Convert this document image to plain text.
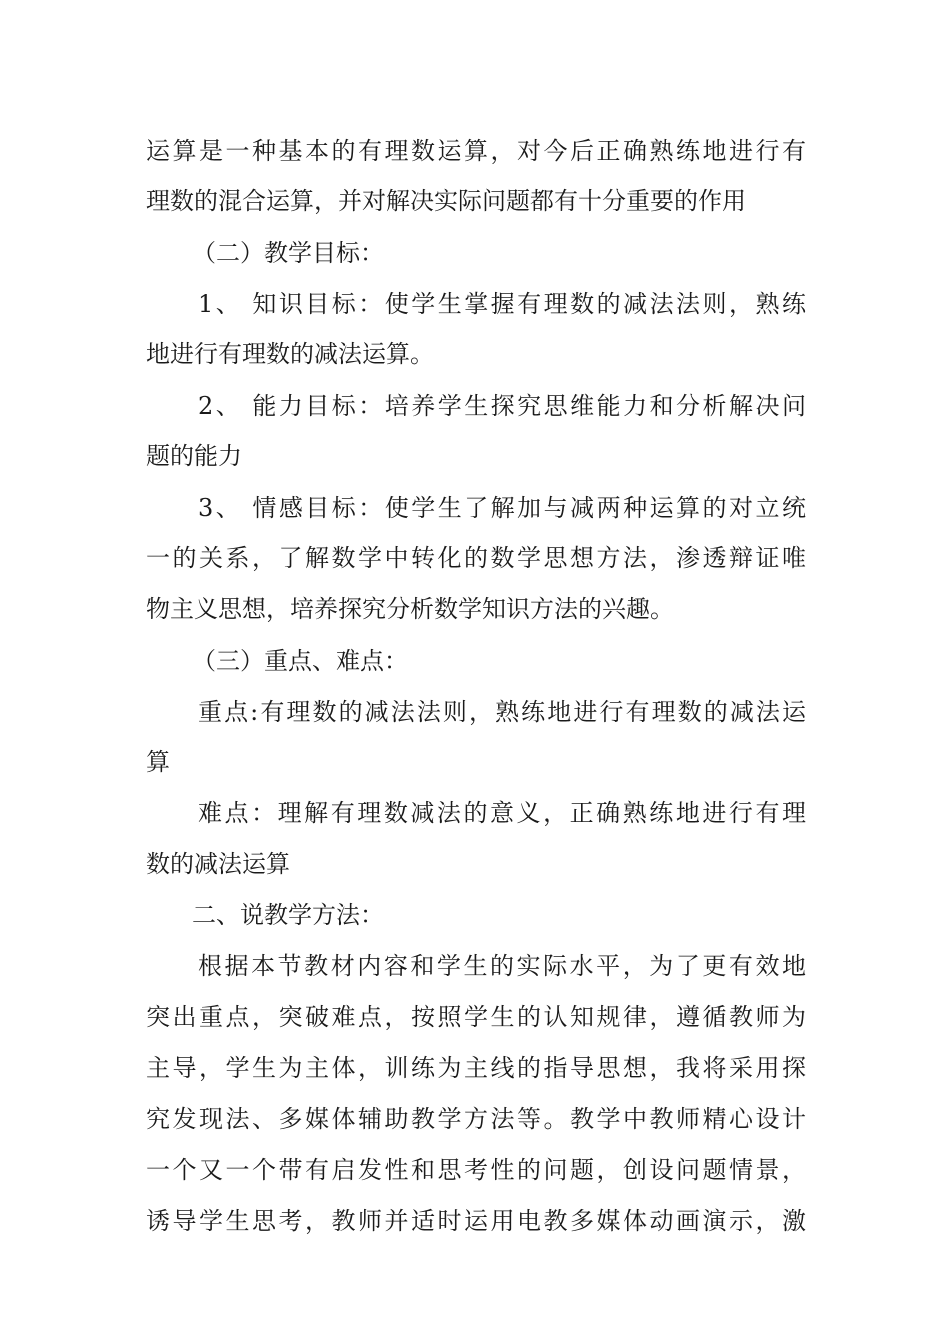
运算是一种基本的有理数运算，对今后正确熟练地进行有
理数的混合运算，并对解决实际问题都有十分重要的作用
（二）教学目标：
1、 知识目标：使学生掌握有理数的减法法则，熟练
地进行有理数的减法运算。
2、 能力目标：培养学生探究思维能力和分析解决问
题的能力
3、 情感目标：使学生了解加与减两种运算的对立统
一的关系，了解数学中转化的数学思想方法，渗透辩证唯
物主义思想，培养探究分析数学知识方法的兴趣。
（三）重点、难点：
重点:有理数的减法法则，熟练地进行有理数的减法运
算
难点：理解有理数减法的意义，正确熟练地进行有理
数的减法运算
二、说教学方法：
根据本节教材内容和学生的实际水平，为了更有效地
突出重点，突破难点，按照学生的认知规律，遵循教师为
主导，学生为主体，训练为主线的指导思想，我将采用探
究发现法、多媒体辅助教学方法等。教学中教师精心设计
一个又一个带有启发性和思考性的问题，创设问题情景，
诱导学生思考，教师并适时运用电教多媒体动画演示，激
